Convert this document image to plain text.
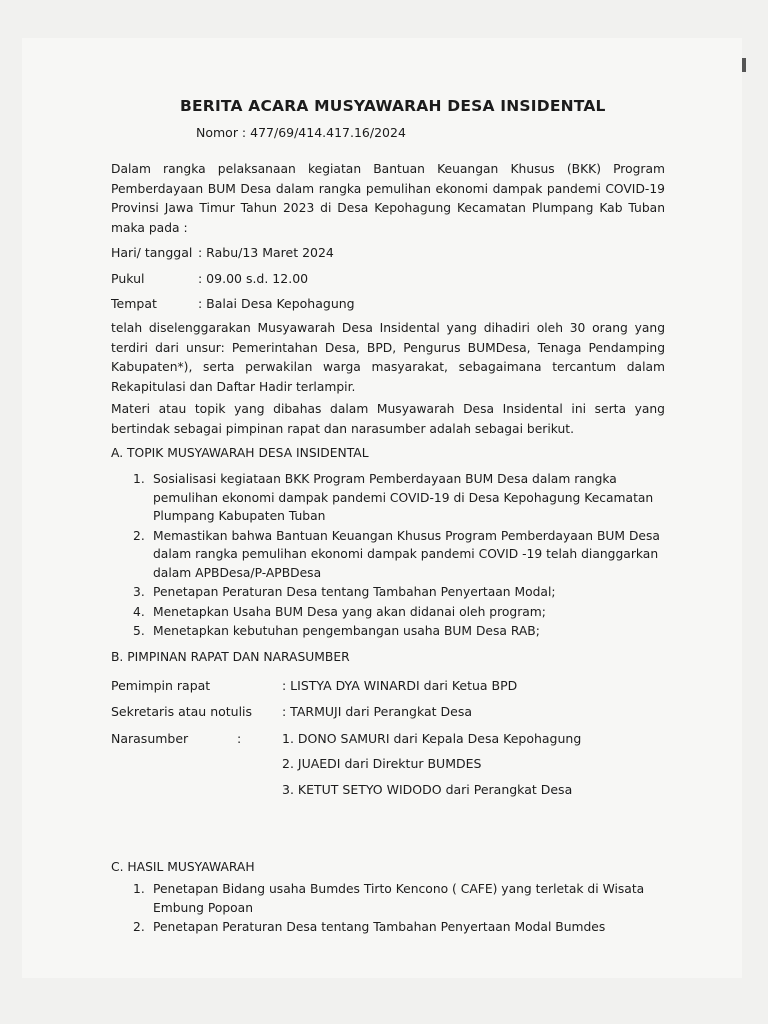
BERITA ACARA MUSYAWARAH DESA INSIDENTAL
Nomor : 477/69/414.417.16/2024
Dalam rangka pelaksanaan kegiatan Bantuan Keuangan Khusus (BKK) Program Pemberdayaan BUM Desa dalam rangka pemulihan ekonomi dampak pandemi COVID-19 Provinsi Jawa Timur Tahun 2023 di Desa Kepohagung Kecamatan Plumpang Kab Tuban maka pada :
Hari/ tanggal : Rabu/13 Maret 2024
Pukul	: 09.00 s.d. 12.00
Tempat	: Balai Desa Kepohagung
telah diselenggarakan Musyawarah Desa Insidental yang dihadiri oleh 30 orang yang terdiri dari unsur: Pemerintahan Desa, BPD, Pengurus BUMDesa, Tenaga Pendamping Kabupaten*), serta perwakilan warga masyarakat, sebagaimana tercantum dalam Rekapitulasi dan Daftar Hadir terlampir.
Materi atau topik yang dibahas dalam Musyawarah Desa Insidental ini serta yang bertindak sebagai pimpinan rapat dan narasumber adalah sebagai berikut.
A. TOPIK MUSYAWARAH DESA INSIDENTAL
1. Sosialisasi kegiataan BKK Program Pemberdayaan BUM Desa dalam rangka pemulihan ekonomi dampak pandemi COVID-19 di Desa Kepohagung Kecamatan Plumpang Kabupaten Tuban
2. Memastikan bahwa Bantuan Keuangan Khusus Program Pemberdayaan BUM Desa dalam rangka pemulihan ekonomi dampak pandemi COVID -19 telah dianggarkan dalam APBDesa/P-APBDesa
3. Penetapan Peraturan Desa tentang Tambahan Penyertaan Modal;
4. Menetapkan Usaha BUM Desa yang akan didanai oleh program;
5. Menetapkan kebutuhan pengembangan usaha BUM Desa RAB;
B. PIMPINAN RAPAT DAN NARASUMBER
Pemimpin rapat	: LISTYA DYA WINARDI dari Ketua BPD
Sekretaris atau notulis : TARMUJI dari Perangkat Desa
Narasumber	:	1. DONO SAMURI dari Kepala Desa Kepohagung
2. JUAEDI dari Direktur BUMDES
3. KETUT SETYO WIDODO dari Perangkat Desa
C. HASIL MUSYAWARAH
1. Penetapan Bidang usaha Bumdes Tirto Kencono ( CAFE) yang terletak di Wisata Embung Popoan
2. Penetapan Peraturan Desa tentang Tambahan Penyertaan Modal Bumdes
